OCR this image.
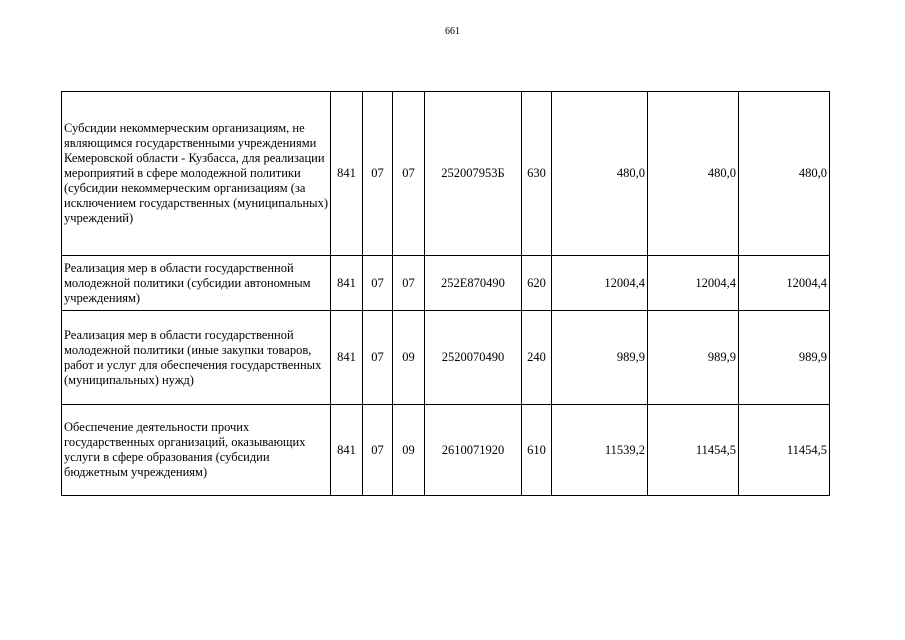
661
Субсидии некоммерческим организациям, не являющимся государственными учреждениями Кемеровской области - Кузбасса, для реализации мероприятий в сфере молодежной политики (субсидии некоммерческим организациям (за исключением государственных (муниципальных) учреждений)	841	07	07	252007953Б	630	480,0	480,0	480,0
Реализация мер в области государственной молодежной политики (субсидии автономным учреждениям)	841	07	07	252E870490	620	12004,4	12004,4	12004,4
Реализация мер в области государственной молодежной политики (иные закупки товаров, работ и услуг для обеспечения государственных (муниципальных) нужд)	841	07	09	2520070490	240	989,9	989,9	989,9
Обеспечение деятельности прочих государственных организаций, оказывающих услуги в сфере образования (субсидии бюджетным учреждениям)	841	07	09	2610071920	610	11539,2	11454,5	11454,5
